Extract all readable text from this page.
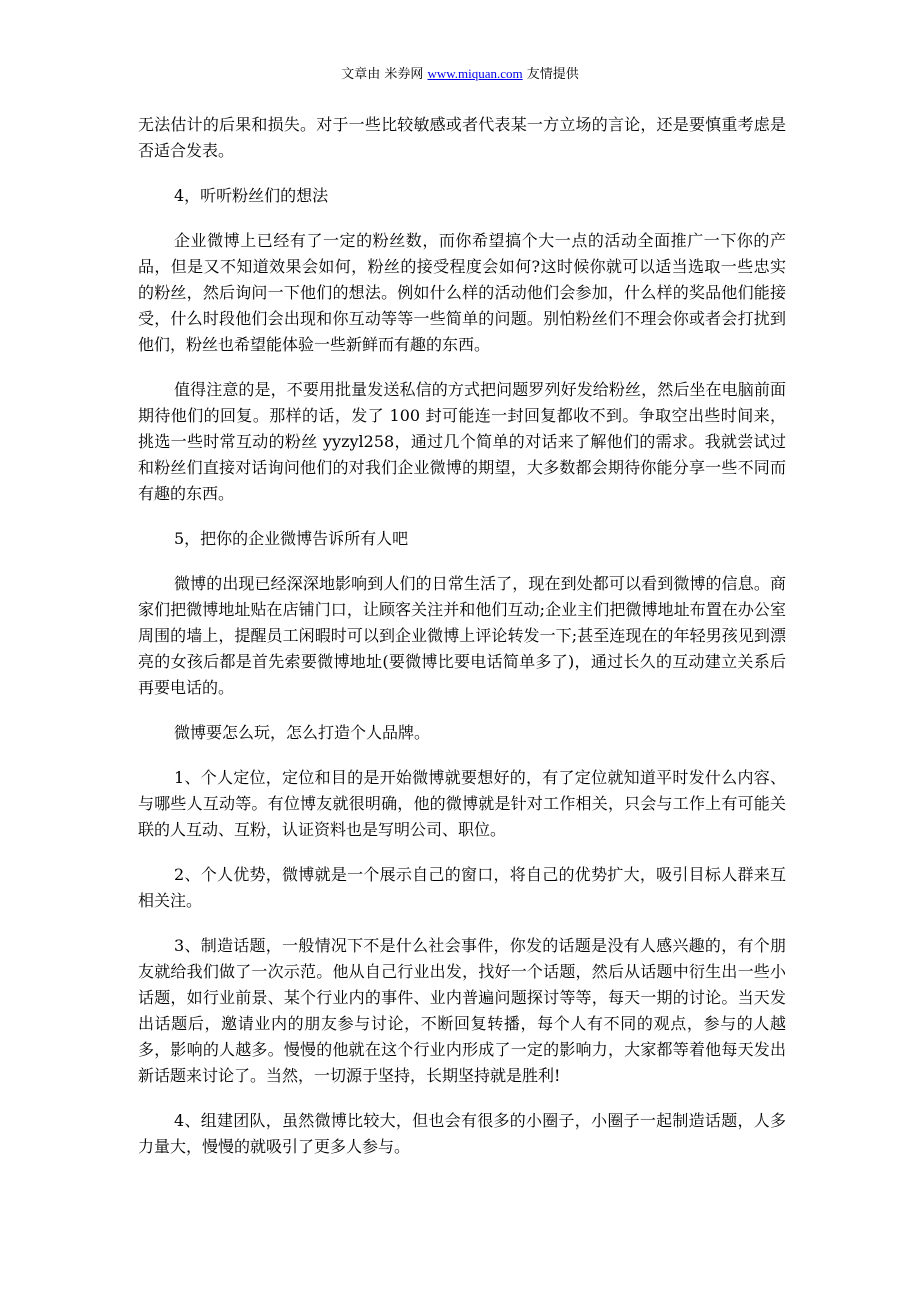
文章由 米券网 www.miquan.com 友情提供

无法估计的后果和损失。对于一些比较敏感或者代表某一方立场的言论，还是要慎重考虑是否适合发表。

4，听听粉丝们的想法

企业微博上已经有了一定的粉丝数，而你希望搞个大一点的活动全面推广一下你的产品，但是又不知道效果会如何，粉丝的接受程度会如何?这时候你就可以适当选取一些忠实的粉丝，然后询问一下他们的想法。例如什么样的活动他们会参加，什么样的奖品他们能接受，什么时段他们会出现和你互动等等一些简单的问题。别怕粉丝们不理会你或者会打扰到他们，粉丝也希望能体验一些新鲜而有趣的东西。

值得注意的是，不要用批量发送私信的方式把问题罗列好发给粉丝，然后坐在电脑前面期待他们的回复。那样的话，发了 100 封可能连一封回复都收不到。争取空出些时间来，挑选一些时常互动的粉丝 yyzyl258，通过几个简单的对话来了解他们的需求。我就尝试过和粉丝们直接对话询问他们的对我们企业微博的期望，大多数都会期待你能分享一些不同而有趣的东西。

5，把你的企业微博告诉所有人吧

微博的出现已经深深地影响到人们的日常生活了，现在到处都可以看到微博的信息。商家们把微博地址贴在店铺门口，让顾客关注并和他们互动;企业主们把微博地址布置在办公室周围的墙上，提醒员工闲暇时可以到企业微博上评论转发一下;甚至连现在的年轻男孩见到漂亮的女孩后都是首先索要微博地址(要微博比要电话简单多了)，通过长久的互动建立关系后再要电话的。

微博要怎么玩，怎么打造个人品牌。

1、个人定位，定位和目的是开始微博就要想好的，有了定位就知道平时发什么内容、与哪些人互动等。有位博友就很明确，他的微博就是针对工作相关，只会与工作上有可能关联的人互动、互粉，认证资料也是写明公司、职位。

2、个人优势，微博就是一个展示自己的窗口，将自己的优势扩大，吸引目标人群来互相关注。

3、制造话题，一般情况下不是什么社会事件，你发的话题是没有人感兴趣的，有个朋友就给我们做了一次示范。他从自己行业出发，找好一个话题，然后从话题中衍生出一些小话题，如行业前景、某个行业内的事件、业内普遍问题探讨等等，每天一期的讨论。当天发出话题后，邀请业内的朋友参与讨论，不断回复转播，每个人有不同的观点，参与的人越多，影响的人越多。慢慢的他就在这个行业内形成了一定的影响力，大家都等着他每天发出新话题来讨论了。当然，一切源于坚持，长期坚持就是胜利!

4、组建团队，虽然微博比较大，但也会有很多的小圈子，小圈子一起制造话题，人多力量大，慢慢的就吸引了更多人参与。
